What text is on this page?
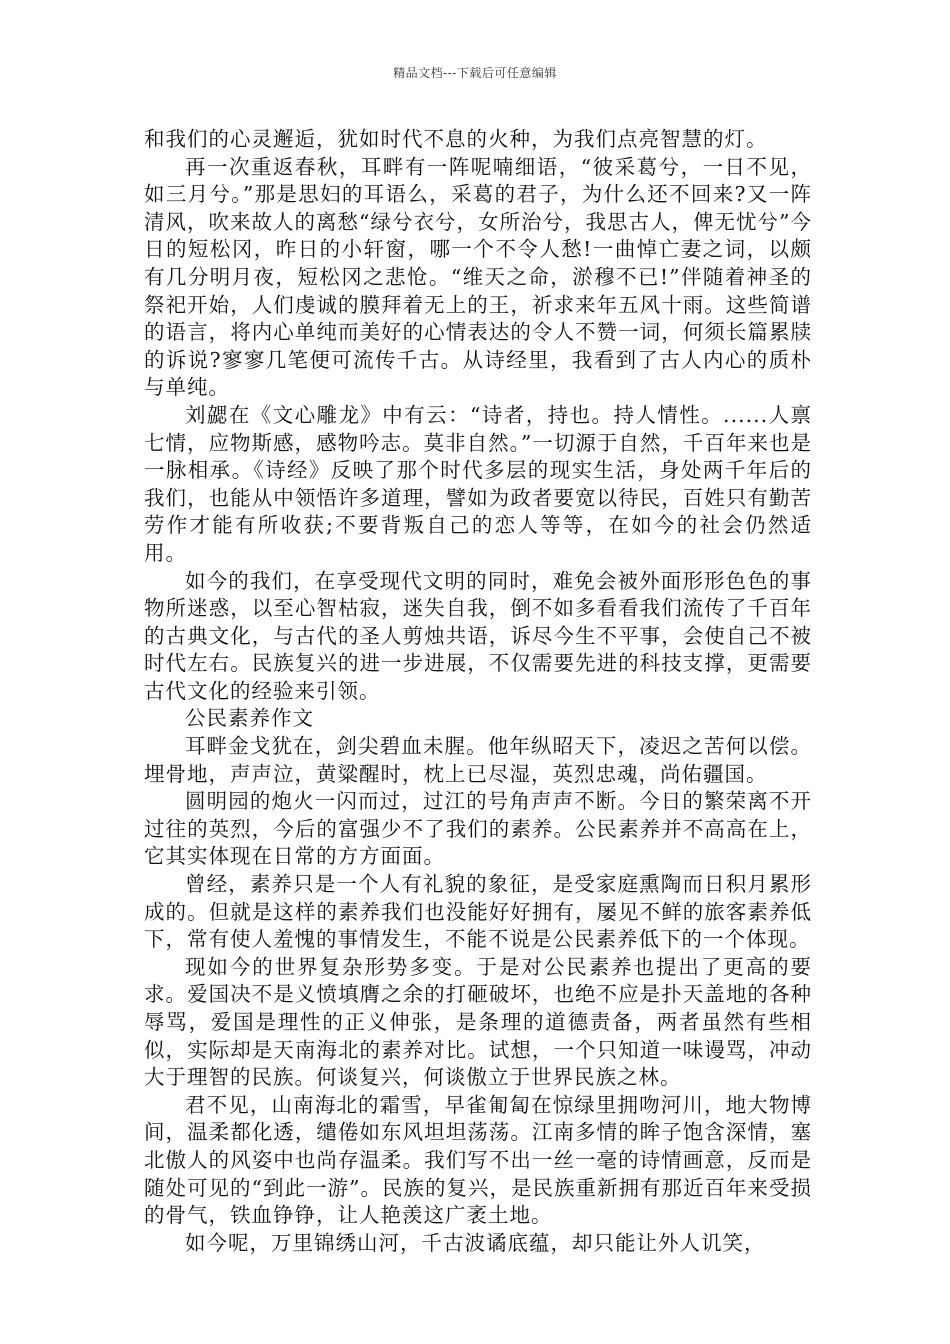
精品文档---下载后可任意编辑

和我们的心灵邂逅，犹如时代不息的火种，为我们点亮智慧的灯。

再一次重返春秋，耳畔有一阵呢喃细语，“彼采葛兮，一日不见，如三月兮。”那是思妇的耳语么，采葛的君子，为什么还不回来?又一阵清风，吹来故人的离愁“绿兮衣兮，女所治兮，我思古人，俾无忧兮”今日的短松冈，昨日的小轩窗，哪一个不令人愁!一曲悼亡妻之词，以颇有几分明月夜，短松冈之悲怆。“维天之命，淤穆不已!”伴随着神圣的祭祀开始，人们虔诚的膜拜着无上的王，祈求来年五风十雨。这些简谱的语言，将内心单纯而美好的心情表达的令人不赞一词，何须长篇累牍的诉说?寥寥几笔便可流传千古。从诗经里，我看到了古人内心的质朴与单纯。

刘勰在《文心雕龙》中有云：“诗者，持也。持人情性。......人禀七情，应物斯感，感物吟志。莫非自然。”一切源于自然，千百年来也是一脉相承。《诗经》反映了那个时代多层的现实生活，身处两千年后的我们，也能从中领悟许多道理，譬如为政者要宽以待民，百姓只有勤苦劳作才能有所收获;不要背叛自己的恋人等等，在如今的社会仍然适用。

如今的我们，在享受现代文明的同时，难免会被外面形形色色的事物所迷惑，以至心智枯寂，迷失自我，倒不如多看看我们流传了千百年的古典文化，与古代的圣人剪烛共语，诉尽今生不平事，会使自己不被时代左右。民族复兴的进一步进展，不仅需要先进的科技支撑，更需要古代文化的经验来引领。

公民素养作文

耳畔金戈犹在，剑尖碧血未腥。他年纵昭天下，凌迟之苦何以偿。埋骨地，声声泣，黄粱醒时，枕上已尽湿，英烈忠魂，尚佑疆国。

圆明园的炮火一闪而过，过江的号角声声不断。今日的繁荣离不开过往的英烈，今后的富强少不了我们的素养。公民素养并不高高在上，它其实体现在日常的方方面面。

曾经，素养只是一个人有礼貌的象征，是受家庭熏陶而日积月累形成的。但就是这样的素养我们也没能好好拥有，屡见不鲜的旅客素养低下，常有使人羞愧的事情发生，不能不说是公民素养低下的一个体现。

现如今的世界复杂形势多变。于是对公民素养也提出了更高的要求。爱国决不是义愤填膺之余的打砸破坏，也绝不应是扑天盖地的各种辱骂，爱国是理性的正义伸张，是条理的道德责备，两者虽然有些相似，实际却是天南海北的素养对比。试想，一个只知道一味谩骂，冲动大于理智的民族。何谈复兴，何谈傲立于世界民族之林。

君不见，山南海北的霜雪，早雀匍匐在惊绿里拥吻河川，地大物博间，温柔都化透，缱倦如东风坦坦荡荡。江南多情的眸子饱含深情，塞北傲人的风姿中也尚存温柔。我们写不出一丝一毫的诗情画意，反而是随处可见的“到此一游”。民族的复兴，是民族重新拥有那近百年来受损的骨气，铁血铮铮，让人艳羡这广袤土地。

如今呢，万里锦绣山河，千古波谲底蕴，却只能让外人讥笑，
